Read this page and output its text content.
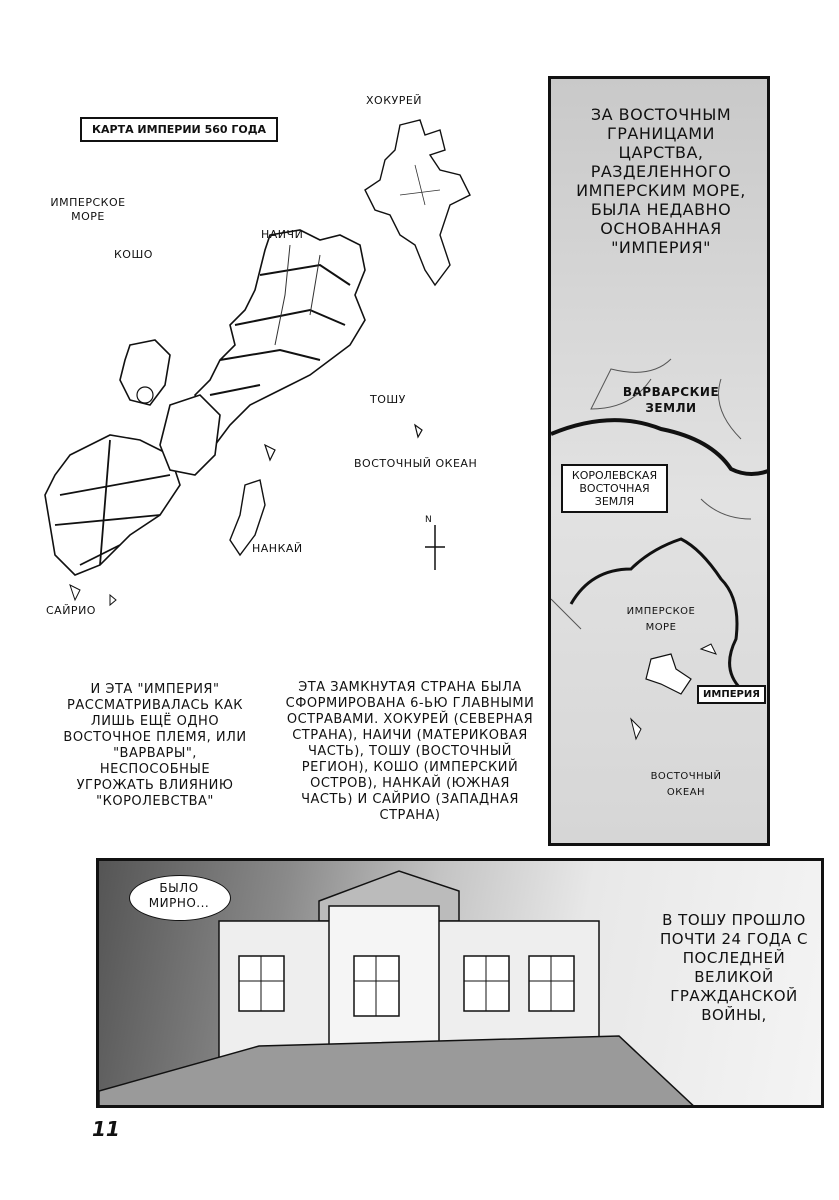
КАРТА ИМПЕРИИ 560 ГОДА
ХОКУРЕЙ
ИМПЕРСКОЕ МОРЕ
КОШО
НАИЧИ
ТОШУ
ВОСТОЧНЫЙ ОКЕАН
НАНКАЙ
САЙРИО
N
ЗА ВОСТОЧНЫМ ГРАНИЦАМИ ЦАРСТВА, РАЗДЕЛЕННОГО ИМПЕРСКИМ МОРЕ, БЫЛА НЕДАВНО ОСНОВАННАЯ "ИМПЕРИЯ"
ВАРВАРСКИЕ ЗЕМЛИ
КОРОЛЕВСКАЯ ВОСТОЧНАЯ ЗЕМЛЯ
ИМПЕРСКОЕ МОРЕ
ИМПЕРИЯ
ВОСТОЧНЫЙ ОКЕАН
И ЭТА "ИМПЕРИЯ" РАССМАТРИВАЛАСЬ КАК ЛИШЬ ЕЩЁ ОДНО ВОСТОЧНОЕ ПЛЕМЯ, ИЛИ "ВАРВАРЫ", НЕСПОСОБНЫЕ УГРОЖАТЬ ВЛИЯНИЮ "КОРОЛЕВСТВА"
ЭТА ЗАМКНУТАЯ СТРАНА БЫЛА СФОРМИРОВАНА 6-ЬЮ ГЛАВНЫМИ ОСТРАВАМИ. ХОКУРЕЙ (СЕВЕРНАЯ СТРАНА), НАИЧИ (МАТЕРИКОВАЯ ЧАСТЬ), ТОШУ (ВОСТОЧНЫЙ РЕГИОН), КОШО (ИМПЕРСКИЙ ОСТРОВ), НАНКАЙ (ЮЖНАЯ ЧАСТЬ) И САЙРИО (ЗАПАДНАЯ СТРАНА)
БЫЛО МИРНО...
В ТОШУ ПРОШЛО ПОЧТИ 24 ГОДА С ПОСЛЕДНЕЙ ВЕЛИКОЙ ГРАЖДАНСКОЙ ВОЙНЫ,
11
